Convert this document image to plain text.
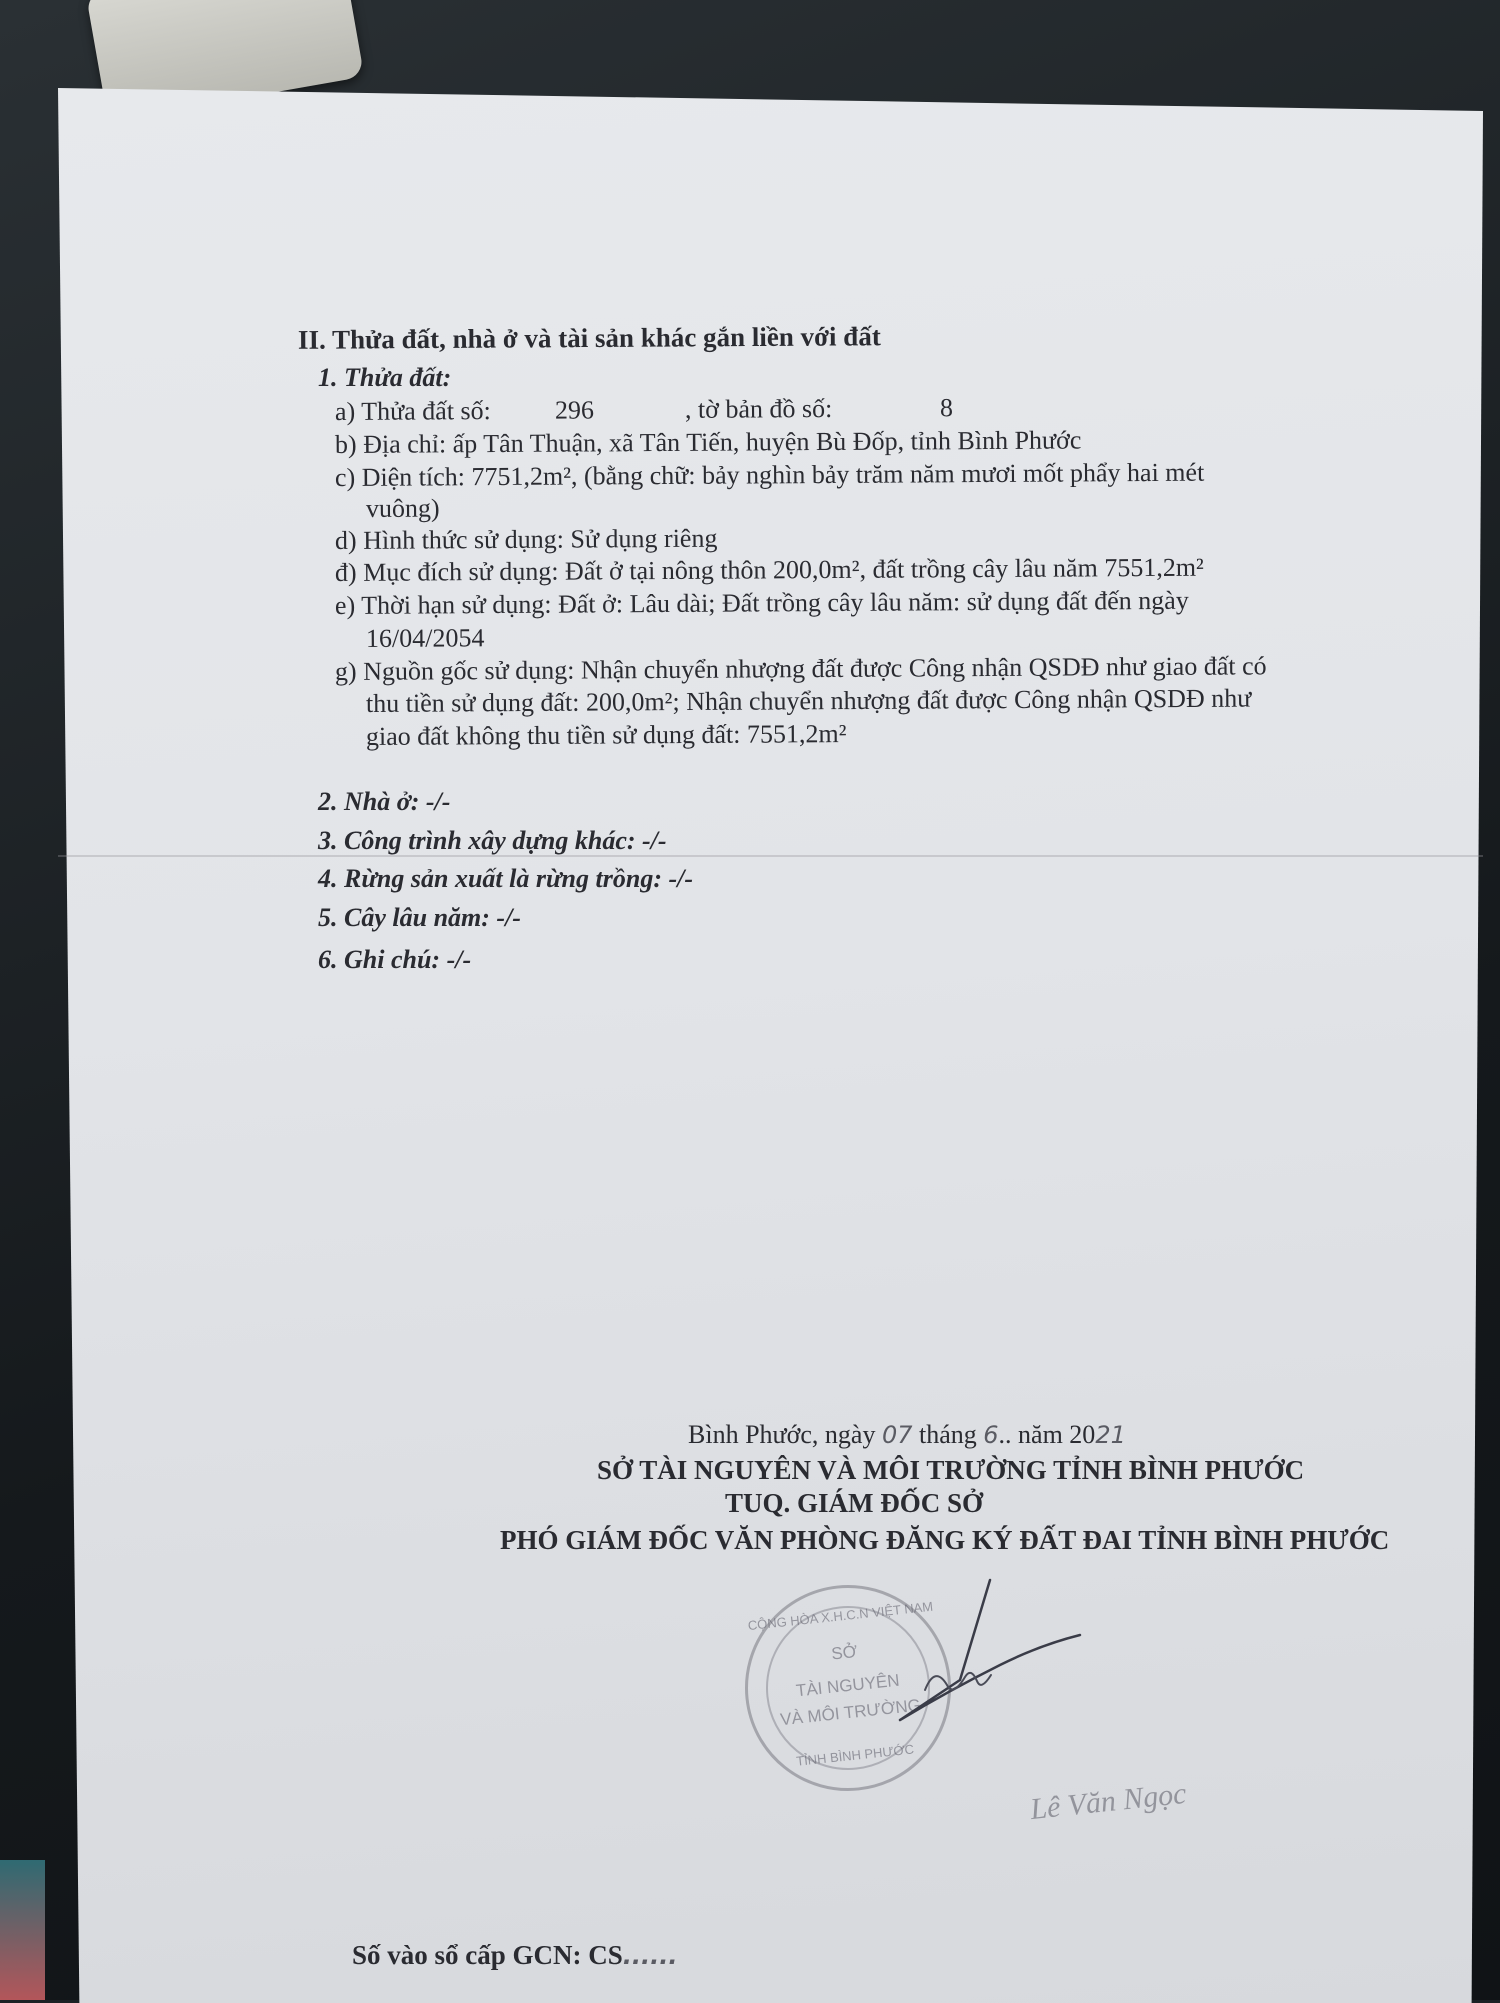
II. Thửa đất, nhà ở và tài sản khác gắn liền với đất
1. Thửa đất:
a) Thửa đất số: 296	, tờ bản đồ số:	8
b) Địa chỉ: ấp Tân Thuận, xã Tân Tiến, huyện Bù Đốp, tỉnh Bình Phước
c) Diện tích: 7751,2m², (bằng chữ: bảy nghìn bảy trăm năm mươi mốt phẩy hai mét
vuông)
d) Hình thức sử dụng: Sử dụng riêng
đ) Mục đích sử dụng: Đất ở tại nông thôn 200,0m², đất trồng cây lâu năm 7551,2m²
e) Thời hạn sử dụng: Đất ở: Lâu dài; Đất trồng cây lâu năm: sử dụng đất đến ngày
16/04/2054
g) Nguồn gốc sử dụng: Nhận chuyển nhượng đất được Công nhận QSDĐ như giao đất có
thu tiền sử dụng đất: 200,0m²; Nhận chuyển nhượng đất được Công nhận QSDĐ như
giao đất không thu tiền sử dụng đất: 7551,2m²
2. Nhà ở: -/-
3. Công trình xây dựng khác: -/-
4. Rừng sản xuất là rừng trồng: -/-
5. Cây lâu năm: -/-
6. Ghi chú: -/-
Bình Phước, ngày 07 tháng 6.. năm 2021
SỞ TÀI NGUYÊN VÀ MÔI TRƯỜNG TỈNH BÌNH PHƯỚC
TUQ. GIÁM ĐỐC SỞ
PHÓ GIÁM ĐỐC VĂN PHÒNG ĐĂNG KÝ ĐẤT ĐAI TỈNH BÌNH PHƯỚC
CỘNG HÒA X.H.C.N VIỆT NAM
SỞ
TÀI NGUYÊN
VÀ MÔI TRƯỜNG
TỈNH BÌNH PHƯỚC
Lê Văn Ngọc
Số vào sổ cấp GCN: CS......
